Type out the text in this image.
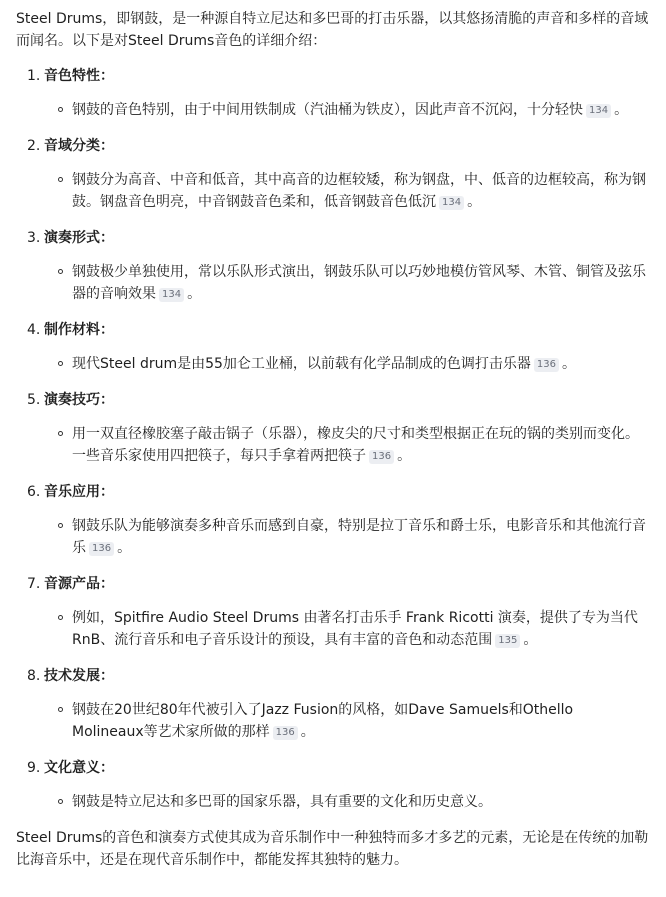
Steel Drums，即钢鼓，是一种源自特立尼达和多巴哥的打击乐器，以其悠扬清脆的声音和多样的音域而闻名。以下是对Steel Drums音色的详细介绍：

1. 音色特性：
钢鼓的音色特别，由于中间用铁制成（汽油桶为铁皮），因此声音不沉闷，十分轻快 134 。
2. 音域分类：
钢鼓分为高音、中音和低音，其中高音的边框较矮，称为钢盘，中、低音的边框较高，称为钢鼓。钢盘音色明亮，中音钢鼓音色柔和，低音钢鼓音色低沉 134 。
3. 演奏形式：
钢鼓极少单独使用，常以乐队形式演出，钢鼓乐队可以巧妙地模仿管风琴、木管、铜管及弦乐器的音响效果 134 。
4. 制作材料：
现代Steel drum是由55加仑工业桶，以前载有化学品制成的色调打击乐器 136 。
5. 演奏技巧：
用一双直径橡胶塞子敲击锅子（乐器），橡皮尖的尺寸和类型根据正在玩的锅的类别而变化。一些音乐家使用四把筷子，每只手拿着两把筷子 136 。
6. 音乐应用：
钢鼓乐队为能够演奏多种音乐而感到自豪，特别是拉丁音乐和爵士乐，电影音乐和其他流行音乐 136 。
7. 音源产品：
例如，Spitfire Audio Steel Drums 由著名打击乐手 Frank Ricotti 演奏，提供了专为当代RnB、流行音乐和电子音乐设计的预设，具有丰富的音色和动态范围 135 。
8. 技术发展：
钢鼓在20世纪80年代被引入了Jazz Fusion的风格，如Dave Samuels和Othello Molineaux等艺术家所做的那样 136 。
9. 文化意义：
钢鼓是特立尼达和多巴哥的国家乐器，具有重要的文化和历史意义。

Steel Drums的音色和演奏方式使其成为音乐制作中一种独特而多才多艺的元素，无论是在传统的加勒比海音乐中，还是在现代音乐制作中，都能发挥其独特的魅力。
